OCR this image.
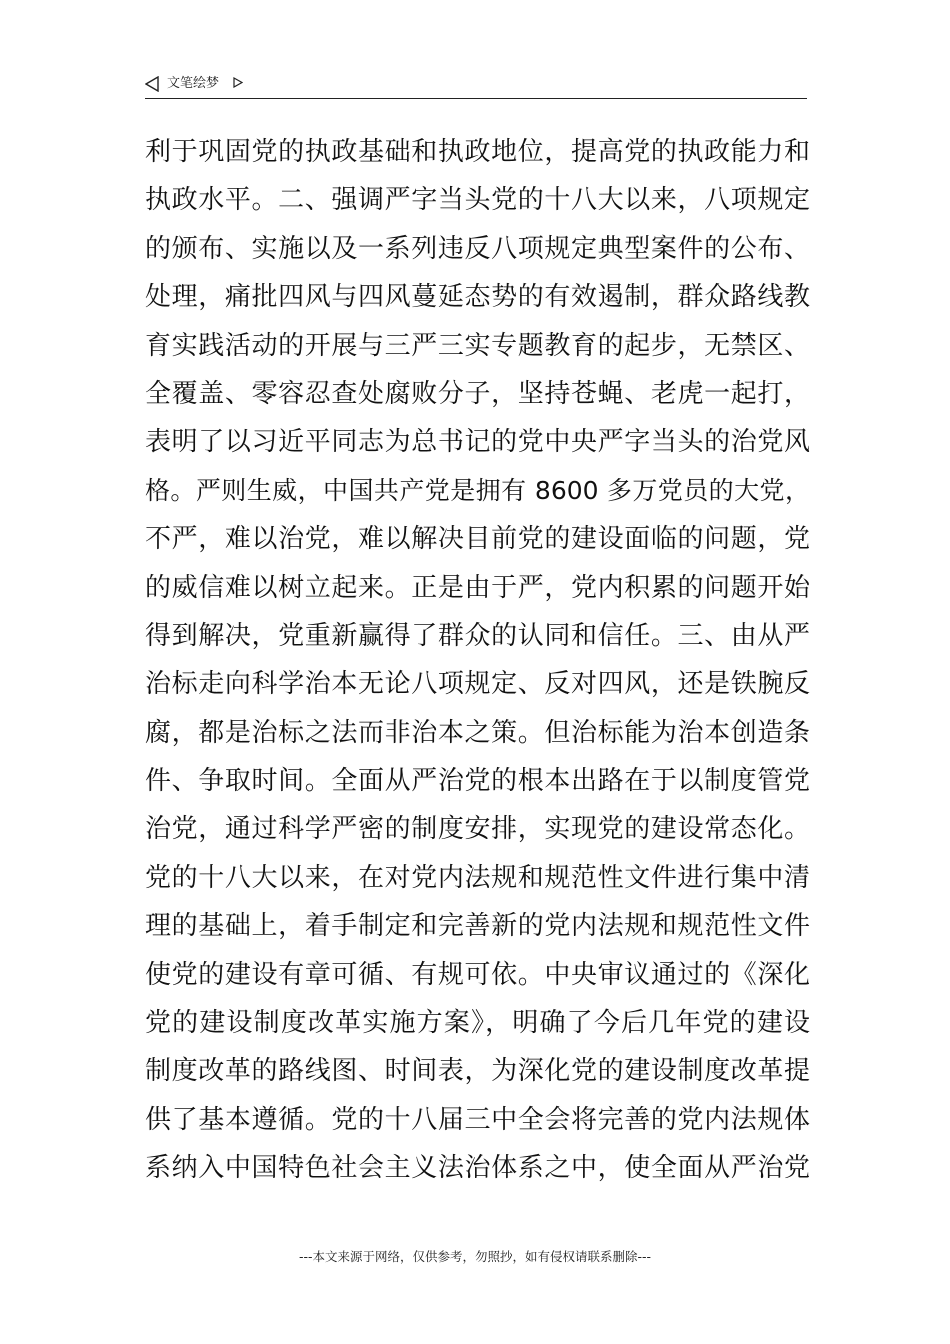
文笔绘梦
利于巩固党的执政基础和执政地位，提高党的执政能力和
执政水平。二、强调严字当头党的十八大以来，八项规定
的颁布、实施以及一系列违反八项规定典型案件的公布、
处理，痛批四风与四风蔓延态势的有效遏制，群众路线教
育实践活动的开展与三严三实专题教育的起步，无禁区、
全覆盖、零容忍查处腐败分子，坚持苍蝇、老虎一起打，
表明了以习近平同志为总书记的党中央严字当头的治党风
格。严则生威，中国共产党是拥有 8600 多万党员的大党，
不严，难以治党，难以解决目前党的建设面临的问题，党
的威信难以树立起来。正是由于严，党内积累的问题开始
得到解决，党重新赢得了群众的认同和信任。三、由从严
治标走向科学治本无论八项规定、反对四风，还是铁腕反
腐，都是治标之法而非治本之策。但治标能为治本创造条
件、争取时间。全面从严治党的根本出路在于以制度管党
治党，通过科学严密的制度安排，实现党的建设常态化。
党的十八大以来，在对党内法规和规范性文件进行集中清
理的基础上，着手制定和完善新的党内法规和规范性文件
使党的建设有章可循、有规可依。中央审议通过的《深化
党的建设制度改革实施方案》，明确了今后几年党的建设
制度改革的路线图、时间表，为深化党的建设制度改革提
供了基本遵循。党的十八届三中全会将完善的党内法规体
系纳入中国特色社会主义法治体系之中，使全面从严治党
---本文来源于网络，仅供参考，勿照抄，如有侵权请联系删除---
